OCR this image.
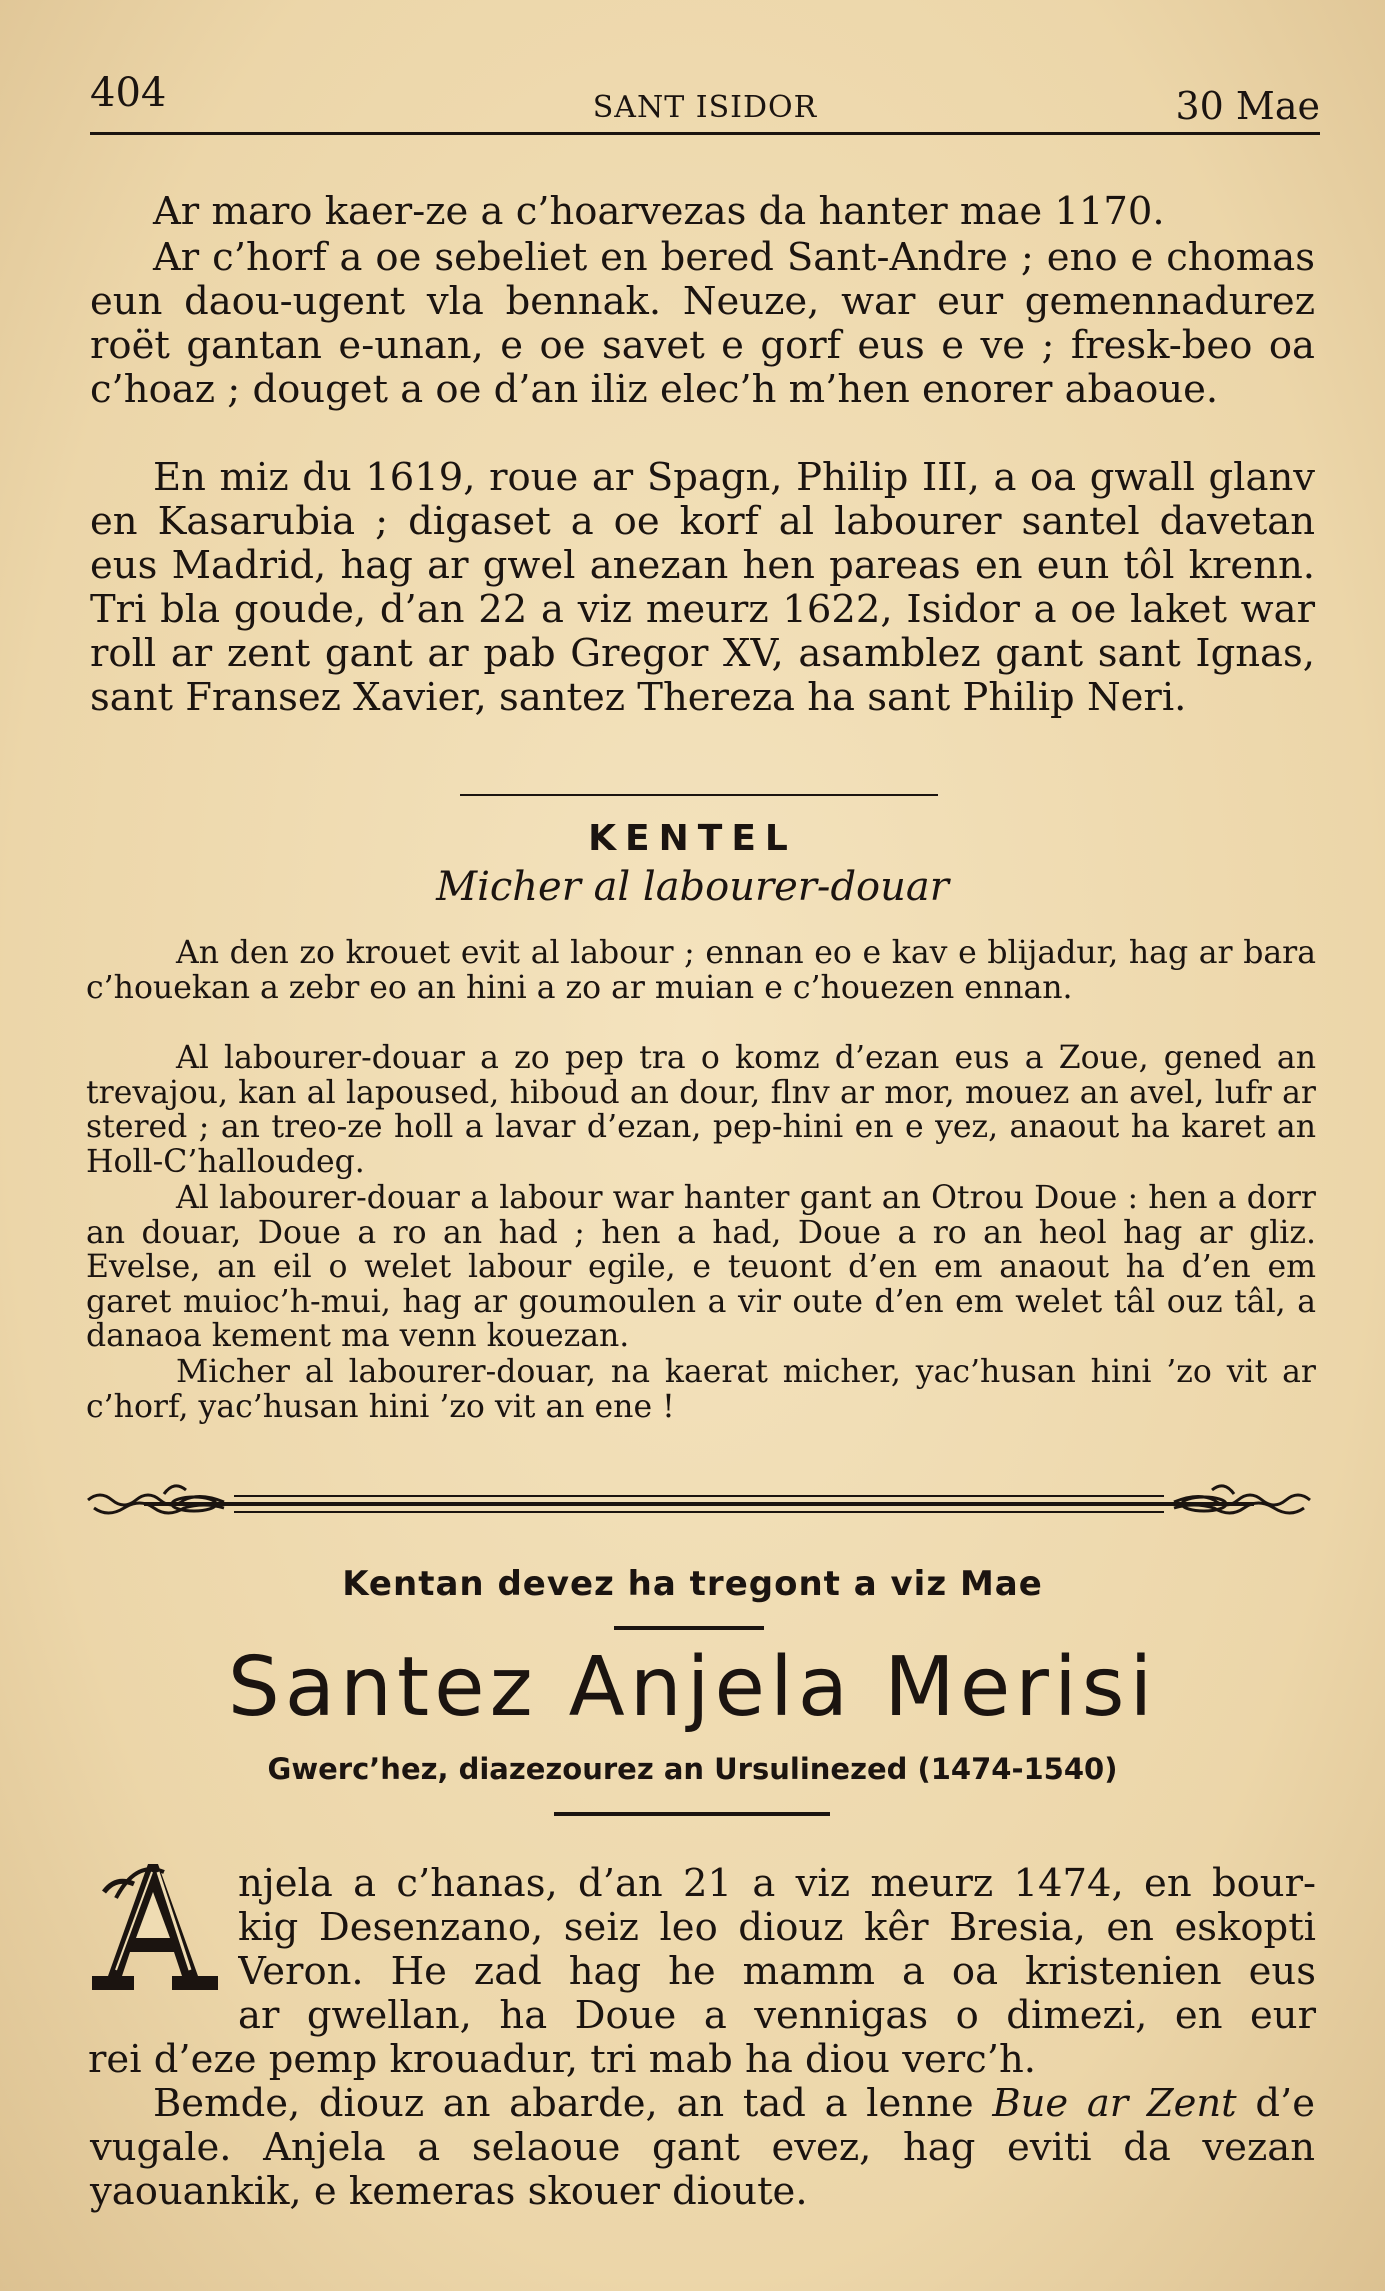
404	SANT ISIDOR	30 Mae

Ar maro kaer-ze a c’hoarvezas da hanter mae 1170.

Ar c’horf a oe sebeliet en bered Sant-Andre ; eno e chomas eun daou-ugent vla bennak. Neuze, war eur gemennadurez roët gantan e-unan, e oe savet e gorf eus e ve ; fresk-beo oa c’hoaz ; douget a oe d’an iliz elec’h m’hen enorer abaoue.

En miz du 1619, roue ar Spagn, Philip III, a oa gwall glanv en Kasarubia ; digaset a oe korf al labourer santel davetan eus Madrid, hag ar gwel anezan hen pareas en eun tôl krenn. Tri bla goude, d’an 22 a viz meurz 1622, Isidor a oe laket war roll ar zent gant ar pab Gregor XV, asamblez gant sant Ignas, sant Fransez Xavier, santez Thereza ha sant Philip Neri.

KENTEL
Micher al labourer-douar

An den zo krouet evit al labour ; ennan eo e kav e blijadur, hag ar bara c’houekan a zebr eo an hini a zo ar muian e c’houezen ennan.

Al labourer-douar a zo pep tra o komz d’ezan eus a Zoue, gened an trevajou, kan al lapoused, hiboud an dour, flnv ar mor, mouez an avel, lufr ar stered ; an treo-ze holl a lavar d’ezan, pep-hini en e yez, anaout ha karet an Holl-C’halloudeg.

Al labourer-douar a labour war hanter gant an Otrou Doue : hen a dorr an douar, Doue a ro an had ; hen a had, Doue a ro an heol hag ar gliz. Evelse, an eil o welet labour egile, e teuont d’en em anaout ha d’en em garet muioc’h-mui, hag ar goumoulen a vir oute d’en em welet tâl ouz tâl, a danaoa kement ma venn kouezan.

Micher al labourer-douar, na kaerat micher, yac’husan hini ’zo vit ar c’horf, yac’husan hini ’zo vit an ene !

Kentan devez ha tregont a viz Mae
Santez Anjela Merisi
Gwerc’hez, diazezourez an Ursulinezed (1474-1540)
A

njela a c’hanas, d’an 21 a viz meurz 1474, en bour-

kig Desenzano, seiz leo diouz kêr Bresia, en eskopti

Veron. He zad hag he mamm a oa kristenien eus

ar gwellan, ha Doue a vennigas o dimezi, en eur

rei d’eze pemp krouadur, tri mab ha diou verc’h.

Bemde, diouz an abarde, an tad a lenne Bue ar Zent d’e vugale. Anjela a selaoue gant evez, hag eviti da vezan yaouankik, e kemeras skouer dioute.
